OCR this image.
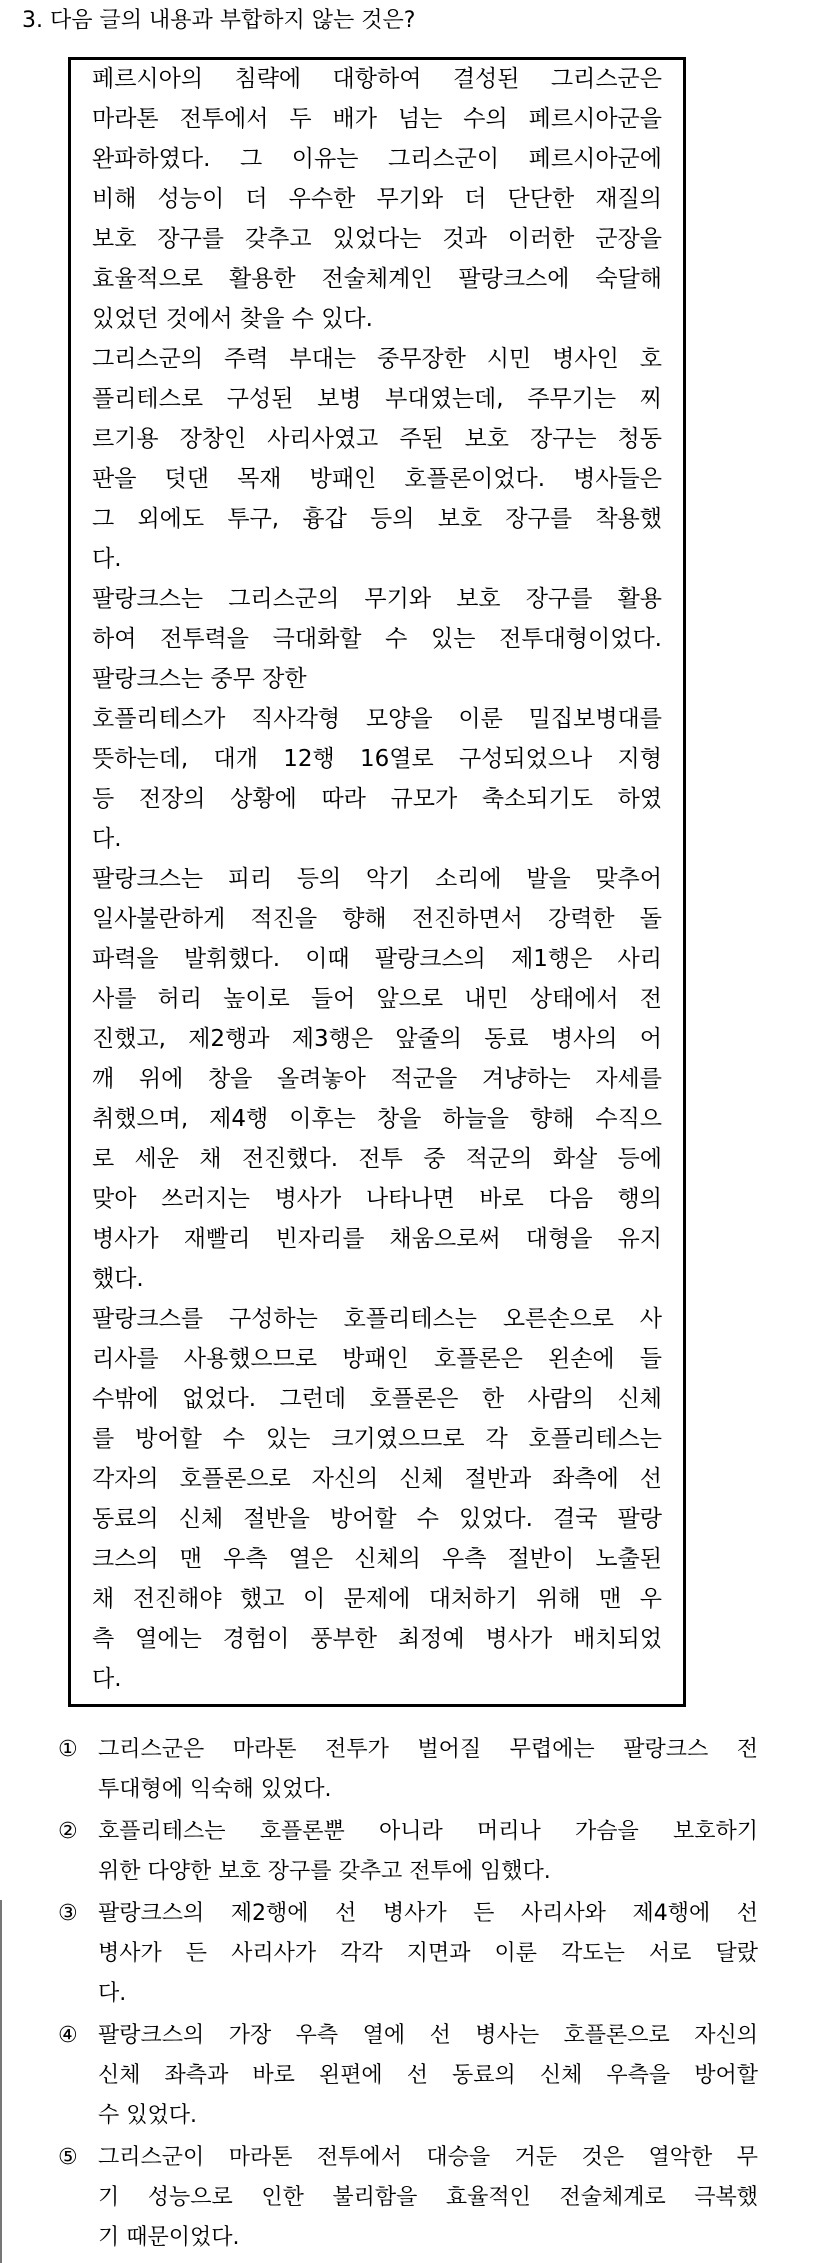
3. 다음 글의 내용과 부합하지 않는 것은?
페르시아의 침략에 대항하여 결성된 그리스군은
마라톤 전투에서 두 배가 넘는 수의 페르시아군을
완파하였다. 그 이유는 그리스군이 페르시아군에
비해 성능이 더 우수한 무기와 더 단단한 재질의
보호 장구를 갖추고 있었다는 것과 이러한 군장을
효율적으로 활용한 전술체계인 팔랑크스에 숙달해
있었던 것에서 찾을 수 있다.
그리스군의 주력 부대는 중무장한 시민 병사인 호
플리테스로 구성된 보병 부대였는데, 주무기는 찌
르기용 장창인 사리사였고 주된 보호 장구는 청동
판을 덧댄 목재 방패인 호플론이었다. 병사들은
그 외에도 투구, 흉갑 등의 보호 장구를 착용했
다.
팔랑크스는 그리스군의 무기와 보호 장구를 활용
하여 전투력을 극대화할 수 있는 전투대형이었다.
팔랑크스는 중무 장한
호플리테스가 직사각형 모양을 이룬 밀집보병대를
뜻하는데, 대개 12행 16열로 구성되었으나 지형
등 전장의 상황에 따라 규모가 축소되기도 하였
다.
팔랑크스는 피리 등의 악기 소리에 발을 맞추어
일사불란하게 적진을 향해 전진하면서 강력한 돌
파력을 발휘했다. 이때 팔랑크스의 제1행은 사리
사를 허리 높이로 들어 앞으로 내민 상태에서 전
진했고, 제2행과 제3행은 앞줄의 동료 병사의 어
깨 위에 창을 올려놓아 적군을 겨냥하는 자세를
취했으며, 제4행 이후는 창을 하늘을 향해 수직으
로 세운 채 전진했다. 전투 중 적군의 화살 등에
맞아 쓰러지는 병사가 나타나면 바로 다음 행의
병사가 재빨리 빈자리를 채움으로써 대형을 유지
했다.
팔랑크스를 구성하는 호플리테스는 오른손으로 사
리사를 사용했으므로 방패인 호플론은 왼손에 들
수밖에 없었다. 그런데 호플론은 한 사람의 신체
를 방어할 수 있는 크기였으므로 각 호플리테스는
각자의 호플론으로 자신의 신체 절반과 좌측에 선
동료의 신체 절반을 방어할 수 있었다. 결국 팔랑
크스의 맨 우측 열은 신체의 우측 절반이 노출된
채 전진해야 했고 이 문제에 대처하기 위해 맨 우
측 열에는 경험이 풍부한 최정예 병사가 배치되었
다.
① 그리스군은 마라톤 전투가 벌어질 무렵에는 팔랑크스 전
투대형에 익숙해 있었다.
② 호플리테스는 호플론뿐 아니라 머리나 가슴을 보호하기
위한 다양한 보호 장구를 갖추고 전투에 임했다.
③ 팔랑크스의 제2행에 선 병사가 든 사리사와 제4행에 선
병사가 든 사리사가 각각 지면과 이룬 각도는 서로 달랐
다.
④ 팔랑크스의 가장 우측 열에 선 병사는 호플론으로 자신의
신체 좌측과 바로 왼편에 선 동료의 신체 우측을 방어할
수 있었다.
⑤ 그리스군이 마라톤 전투에서 대승을 거둔 것은 열악한 무
기 성능으로 인한 불리함을 효율적인 전술체계로 극복했
기 때문이었다.
